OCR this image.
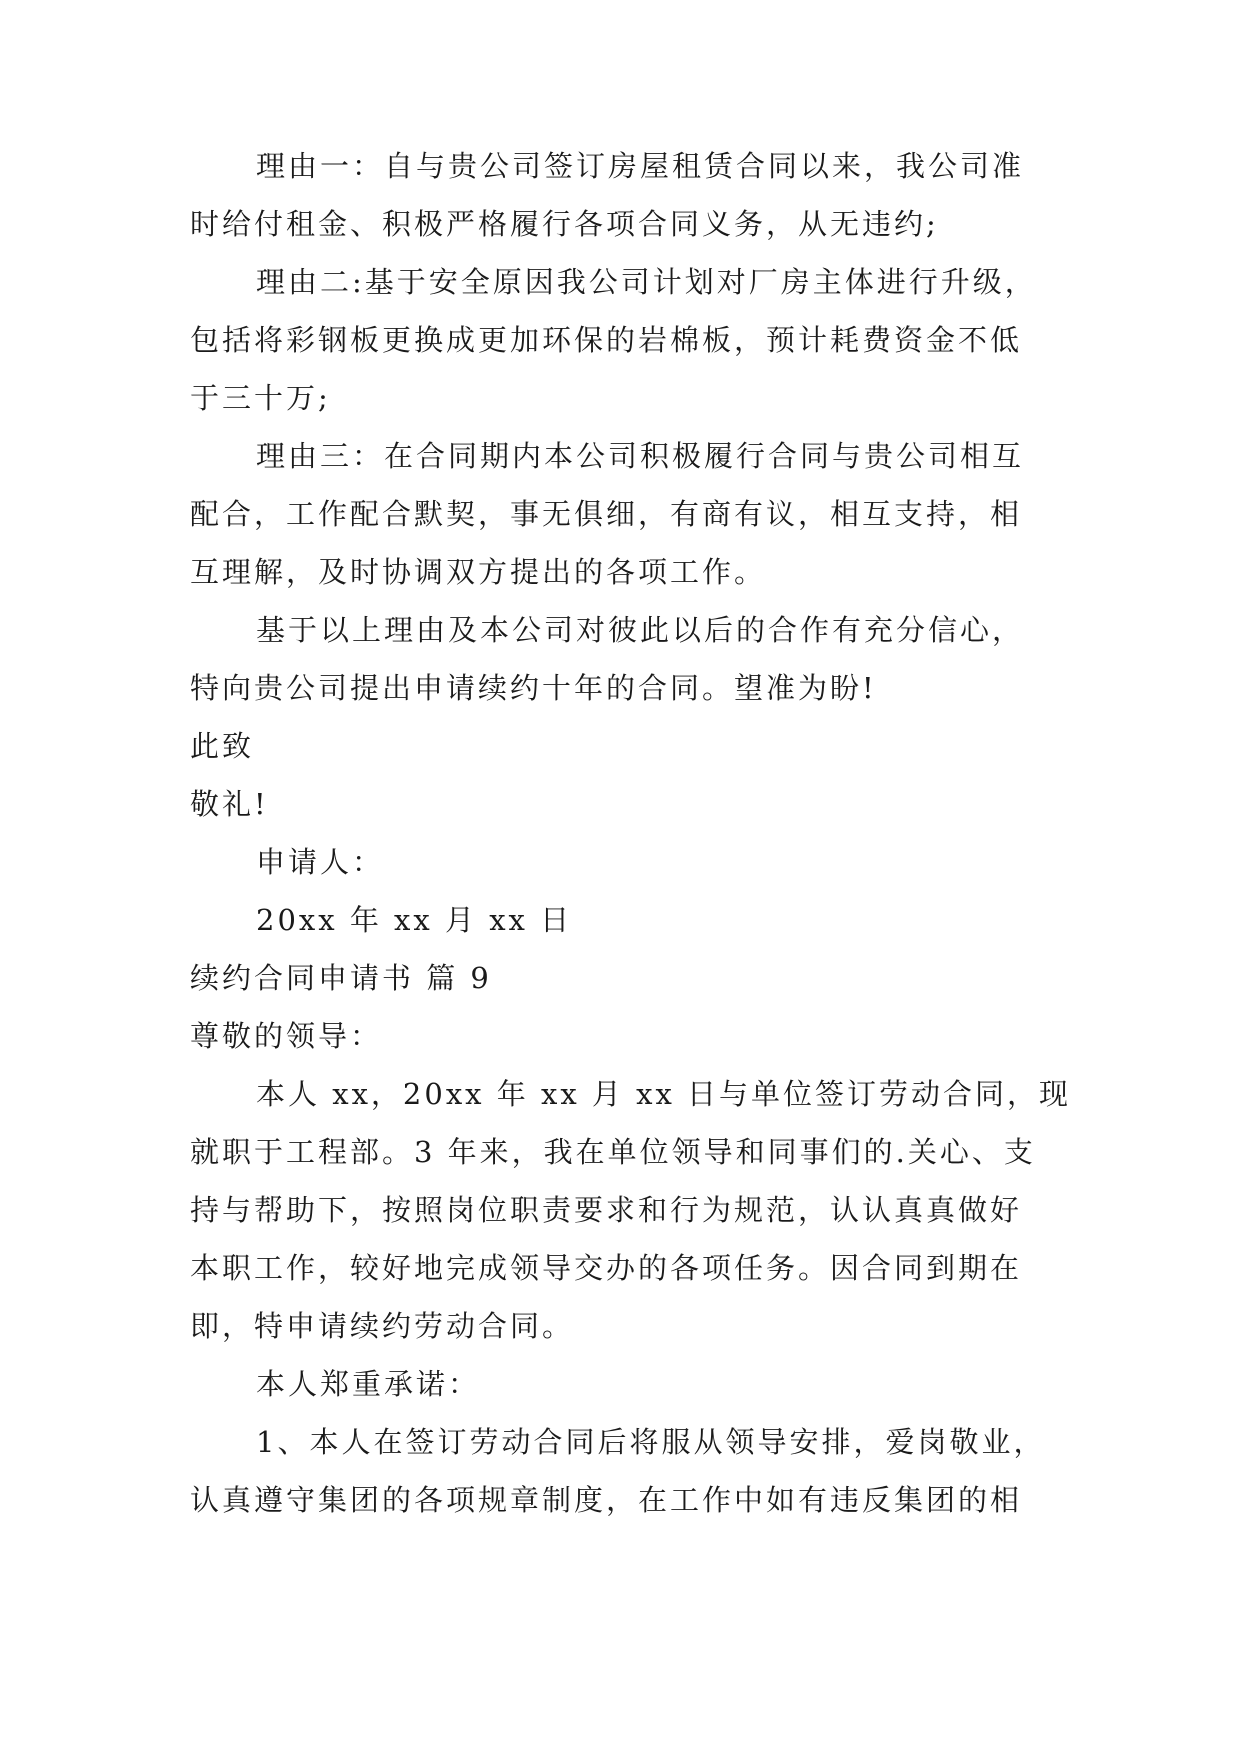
理由一：自与贵公司签订房屋租赁合同以来，我公司准
时给付租金、积极严格履行各项合同义务，从无违约;
理由二:基于安全原因我公司计划对厂房主体进行升级，
包括将彩钢板更换成更加环保的岩棉板，预计耗费资金不低
于三十万;
理由三：在合同期内本公司积极履行合同与贵公司相互
配合，工作配合默契，事无俱细，有商有议，相互支持，相
互理解，及时协调双方提出的各项工作。
基于以上理由及本公司对彼此以后的合作有充分信心，
特向贵公司提出申请续约十年的合同。望准为盼!
此致
敬礼!
申请人：
20xx 年 xx 月 xx 日
续约合同申请书 篇 9
尊敬的领导：
本人 xx，20xx 年 xx 月 xx 日与单位签订劳动合同，现
就职于工程部。3 年来，我在单位领导和同事们的.关心、支
持与帮助下，按照岗位职责要求和行为规范，认认真真做好
本职工作，较好地完成领导交办的各项任务。因合同到期在
即，特申请续约劳动合同。
本人郑重承诺：
1、本人在签订劳动合同后将服从领导安排，爱岗敬业，
认真遵守集团的各项规章制度，在工作中如有违反集团的相
